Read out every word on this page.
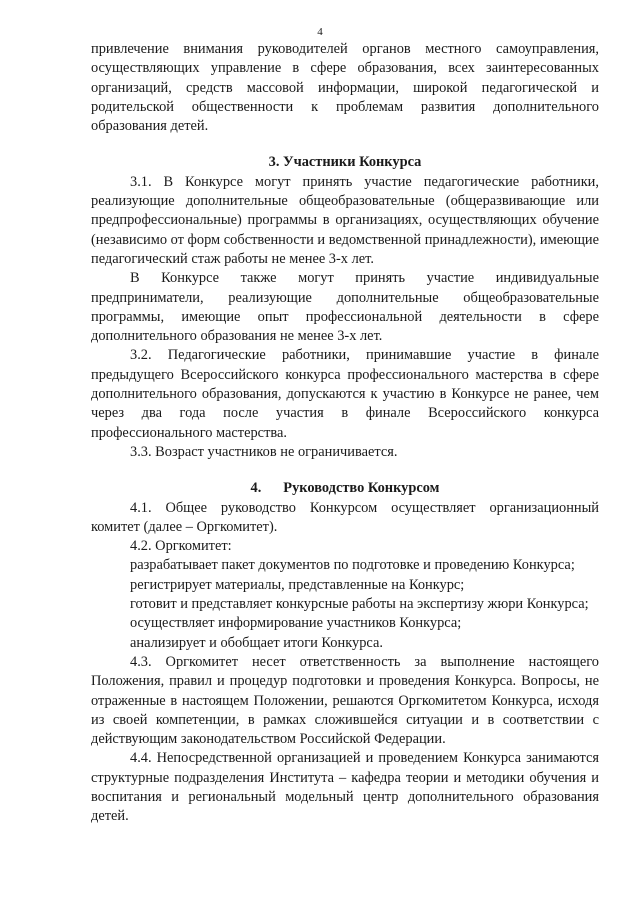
4

привлечение внимания руководителей органов местного самоуправления, осуществляющих управление в сфере образования, всех заинтересованных организаций, средств массовой информации, широкой педагогической и родительской общественности к проблемам развития дополнительного образования детей.

3. Участники Конкурса

3.1. В Конкурсе могут принять участие педагогические работники, реализующие дополнительные общеобразовательные (общеразвивающие или предпрофессиональные) программы в организациях, осуществляющих обучение (независимо от форм собственности и ведомственной принадлежности), имеющие педагогический стаж работы не менее 3-х лет.

В Конкурсе также могут принять участие индивидуальные предприниматели, реализующие дополнительные общеобразовательные программы, имеющие опыт профессиональной деятельности в сфере дополнительного образования не менее 3-х лет.

3.2. Педагогические работники, принимавшие участие в финале предыдущего Всероссийского конкурса профессионального мастерства в сфере дополнительного образования, допускаются к участию в Конкурсе не ранее, чем через два года после участия в финале Всероссийского конкурса профессионального мастерства.

3.3. Возраст участников не ограничивается.

4. Руководство Конкурсом

4.1. Общее руководство Конкурсом осуществляет организационный комитет (далее – Оргкомитет).

4.2. Оргкомитет:

разрабатывает пакет документов по подготовке и проведению Конкурса;

регистрирует материалы, представленные на Конкурс;

готовит и представляет конкурсные работы на экспертизу жюри Конкурса;

осуществляет информирование участников Конкурса;

анализирует и обобщает итоги Конкурса.

4.3. Оргкомитет несет ответственность за выполнение настоящего Положения, правил и процедур подготовки и проведения Конкурса. Вопросы, не отраженные в настоящем Положении, решаются Оргкомитетом Конкурса, исходя из своей компетенции, в рамках сложившейся ситуации и в соответствии с действующим законодательством Российской Федерации.

4.4. Непосредственной организацией и проведением Конкурса занимаются структурные подразделения Института – кафедра теории и методики обучения и воспитания и региональный модельный центр дополнительного образования детей.
